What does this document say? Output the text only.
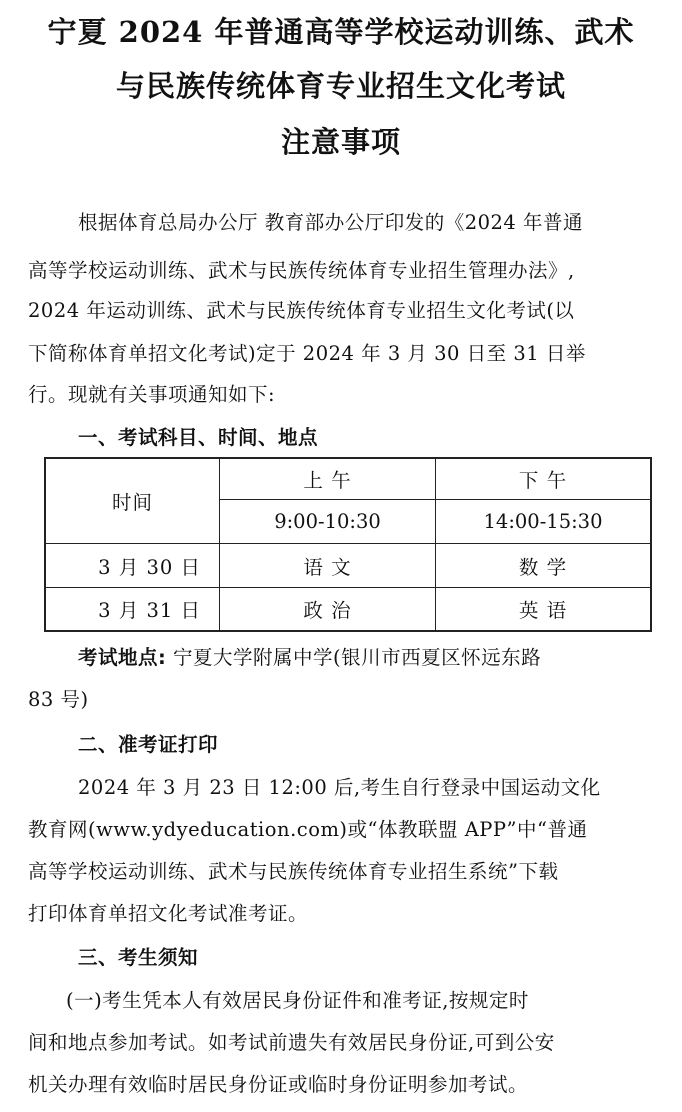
宁夏 2024 年普通高等学校运动训练、武术
与民族传统体育专业招生文化考试
注意事项
根据体育总局办公厅 教育部办公厅印发的《2024 年普通
高等学校运动训练、武术与民族传统体育专业招生管理办法》,
2024 年运动训练、武术与民族传统体育专业招生文化考试(以
下简称体育单招文化考试)定于 2024 年 3 月 30 日至 31 日举
行。现就有关事项通知如下:
一、考试科目、时间、地点
时间
上 午	下 午
9:00-10:30	14:00-15:30
3 月 30 日	语 文	数 学
3 月 31 日	政 治	英 语
考试地点: 宁夏大学附属中学(银川市西夏区怀远东路
83 号)
二、准考证打印
2024 年 3 月 23 日 12:00 后,考生自行登录中国运动文化
教育网(www.ydyeducation.com)或“体教联盟 APP”中“普通
高等学校运动训练、武术与民族传统体育专业招生系统”下载
打印体育单招文化考试准考证。
三、考生须知
(一)考生凭本人有效居民身份证件和准考证,按规定时
间和地点参加考试。如考试前遗失有效居民身份证,可到公安
机关办理有效临时居民身份证或临时身份证明参加考试。
